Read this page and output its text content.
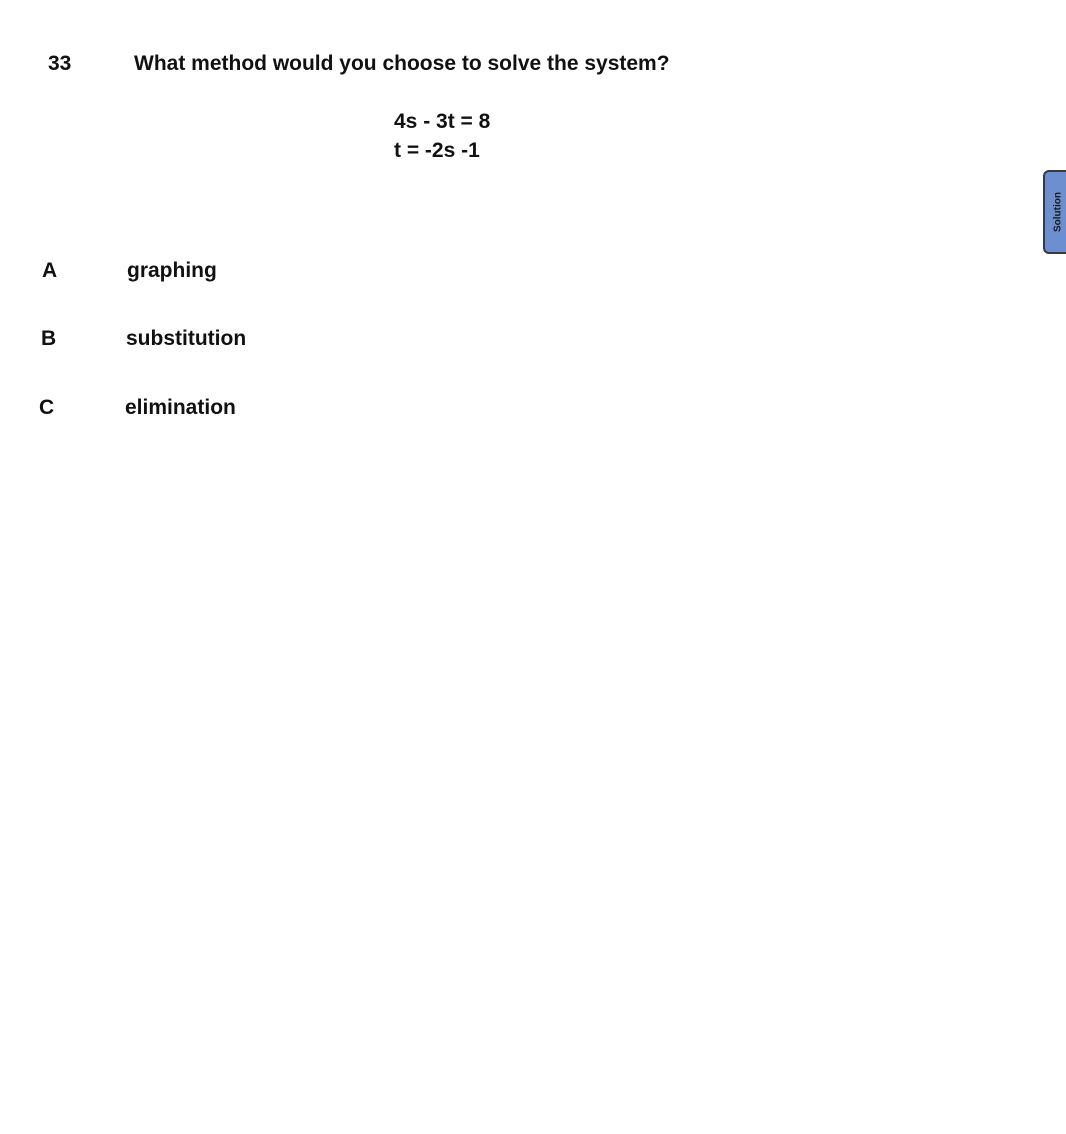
33	What method would you choose to solve the system?
4s - 3t = 8
t = -2s -1
A	graphing
B	substitution
C	elimination
Solution
